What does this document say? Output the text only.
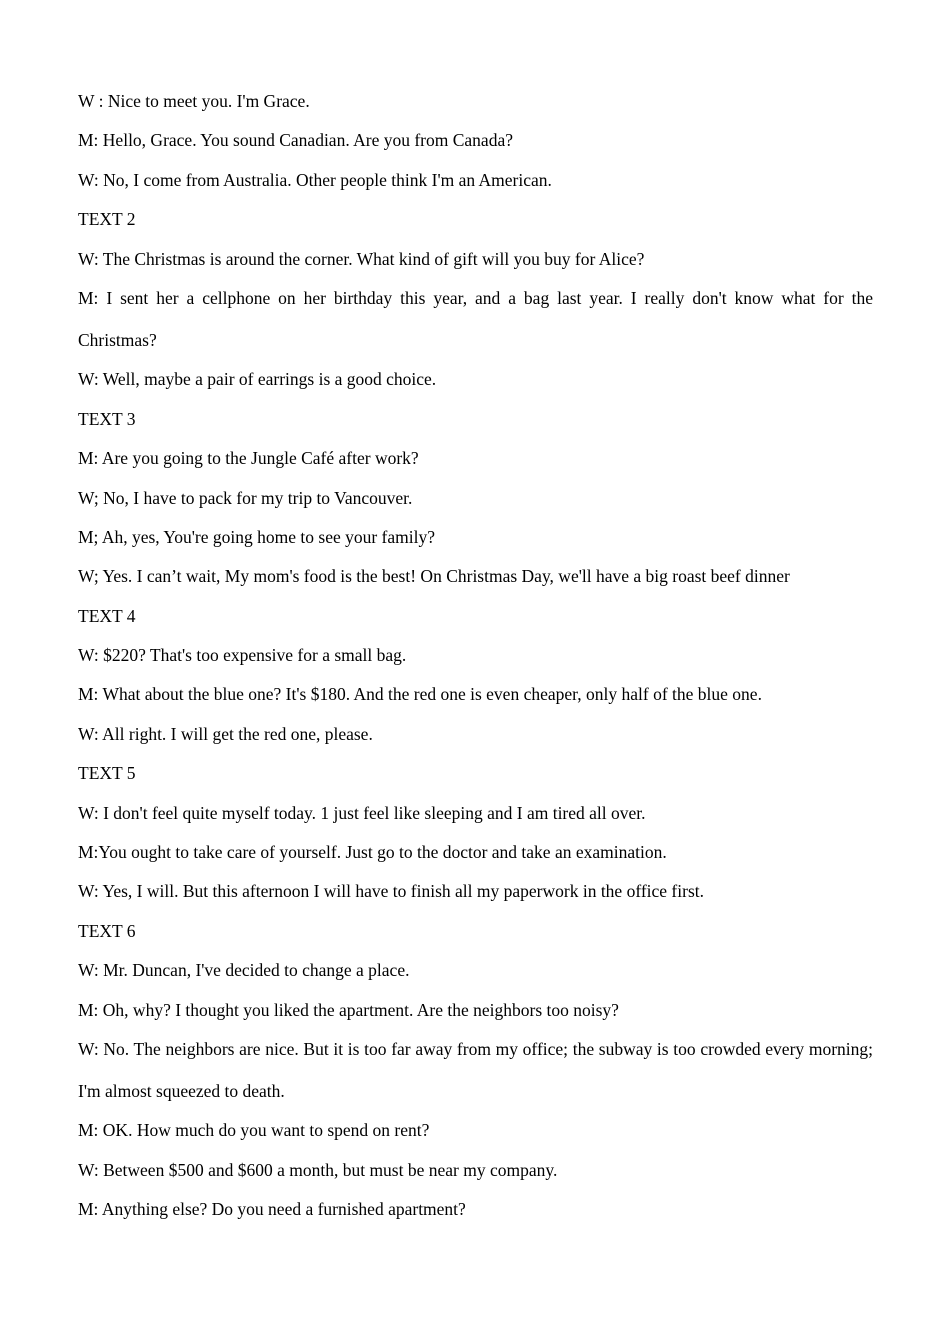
W : Nice to meet you. I'm Grace.

M: Hello, Grace. You sound Canadian. Are you from Canada?

W: No, I come from Australia. Other people think I'm an American.

TEXT 2

W: The Christmas is around the corner. What kind of gift will you buy for Alice?

M: I sent her a cellphone on her birthday this year, and a bag last year. I really don't know what for the Christmas?

W: Well, maybe a pair of earrings is a good choice.

TEXT 3

M: Are you going to the Jungle Café after work?

W; No, I have to pack for my trip to Vancouver.

M; Ah, yes, You're going home to see your family?

W; Yes. I can’t wait, My mom's food is the best! On Christmas Day, we'll have a big roast beef dinner

TEXT 4

W: $220? That's too expensive for a small bag.

M: What about the blue one? It's $180. And the red one is even cheaper, only half of the blue one.

W: All right. I will get the red one, please.

TEXT 5

W: I don't feel quite myself today. 1 just feel like sleeping and I am tired all over.

M:You ought to take care of yourself. Just go to the doctor and take an examination.

W: Yes, I will. But this afternoon I will have to finish all my paperwork in the office first.

TEXT 6

W: Mr. Duncan, I've decided to change a place.

M: Oh, why? I thought you liked the apartment. Are the neighbors too noisy?

W: No. The neighbors are nice. But it is too far away from my office; the subway is too crowded every morning; I'm almost squeezed to death.

M: OK. How much do you want to spend on rent?

W: Between $500 and $600 a month, but must be near my company.

M: Anything else? Do you need a furnished apartment?
